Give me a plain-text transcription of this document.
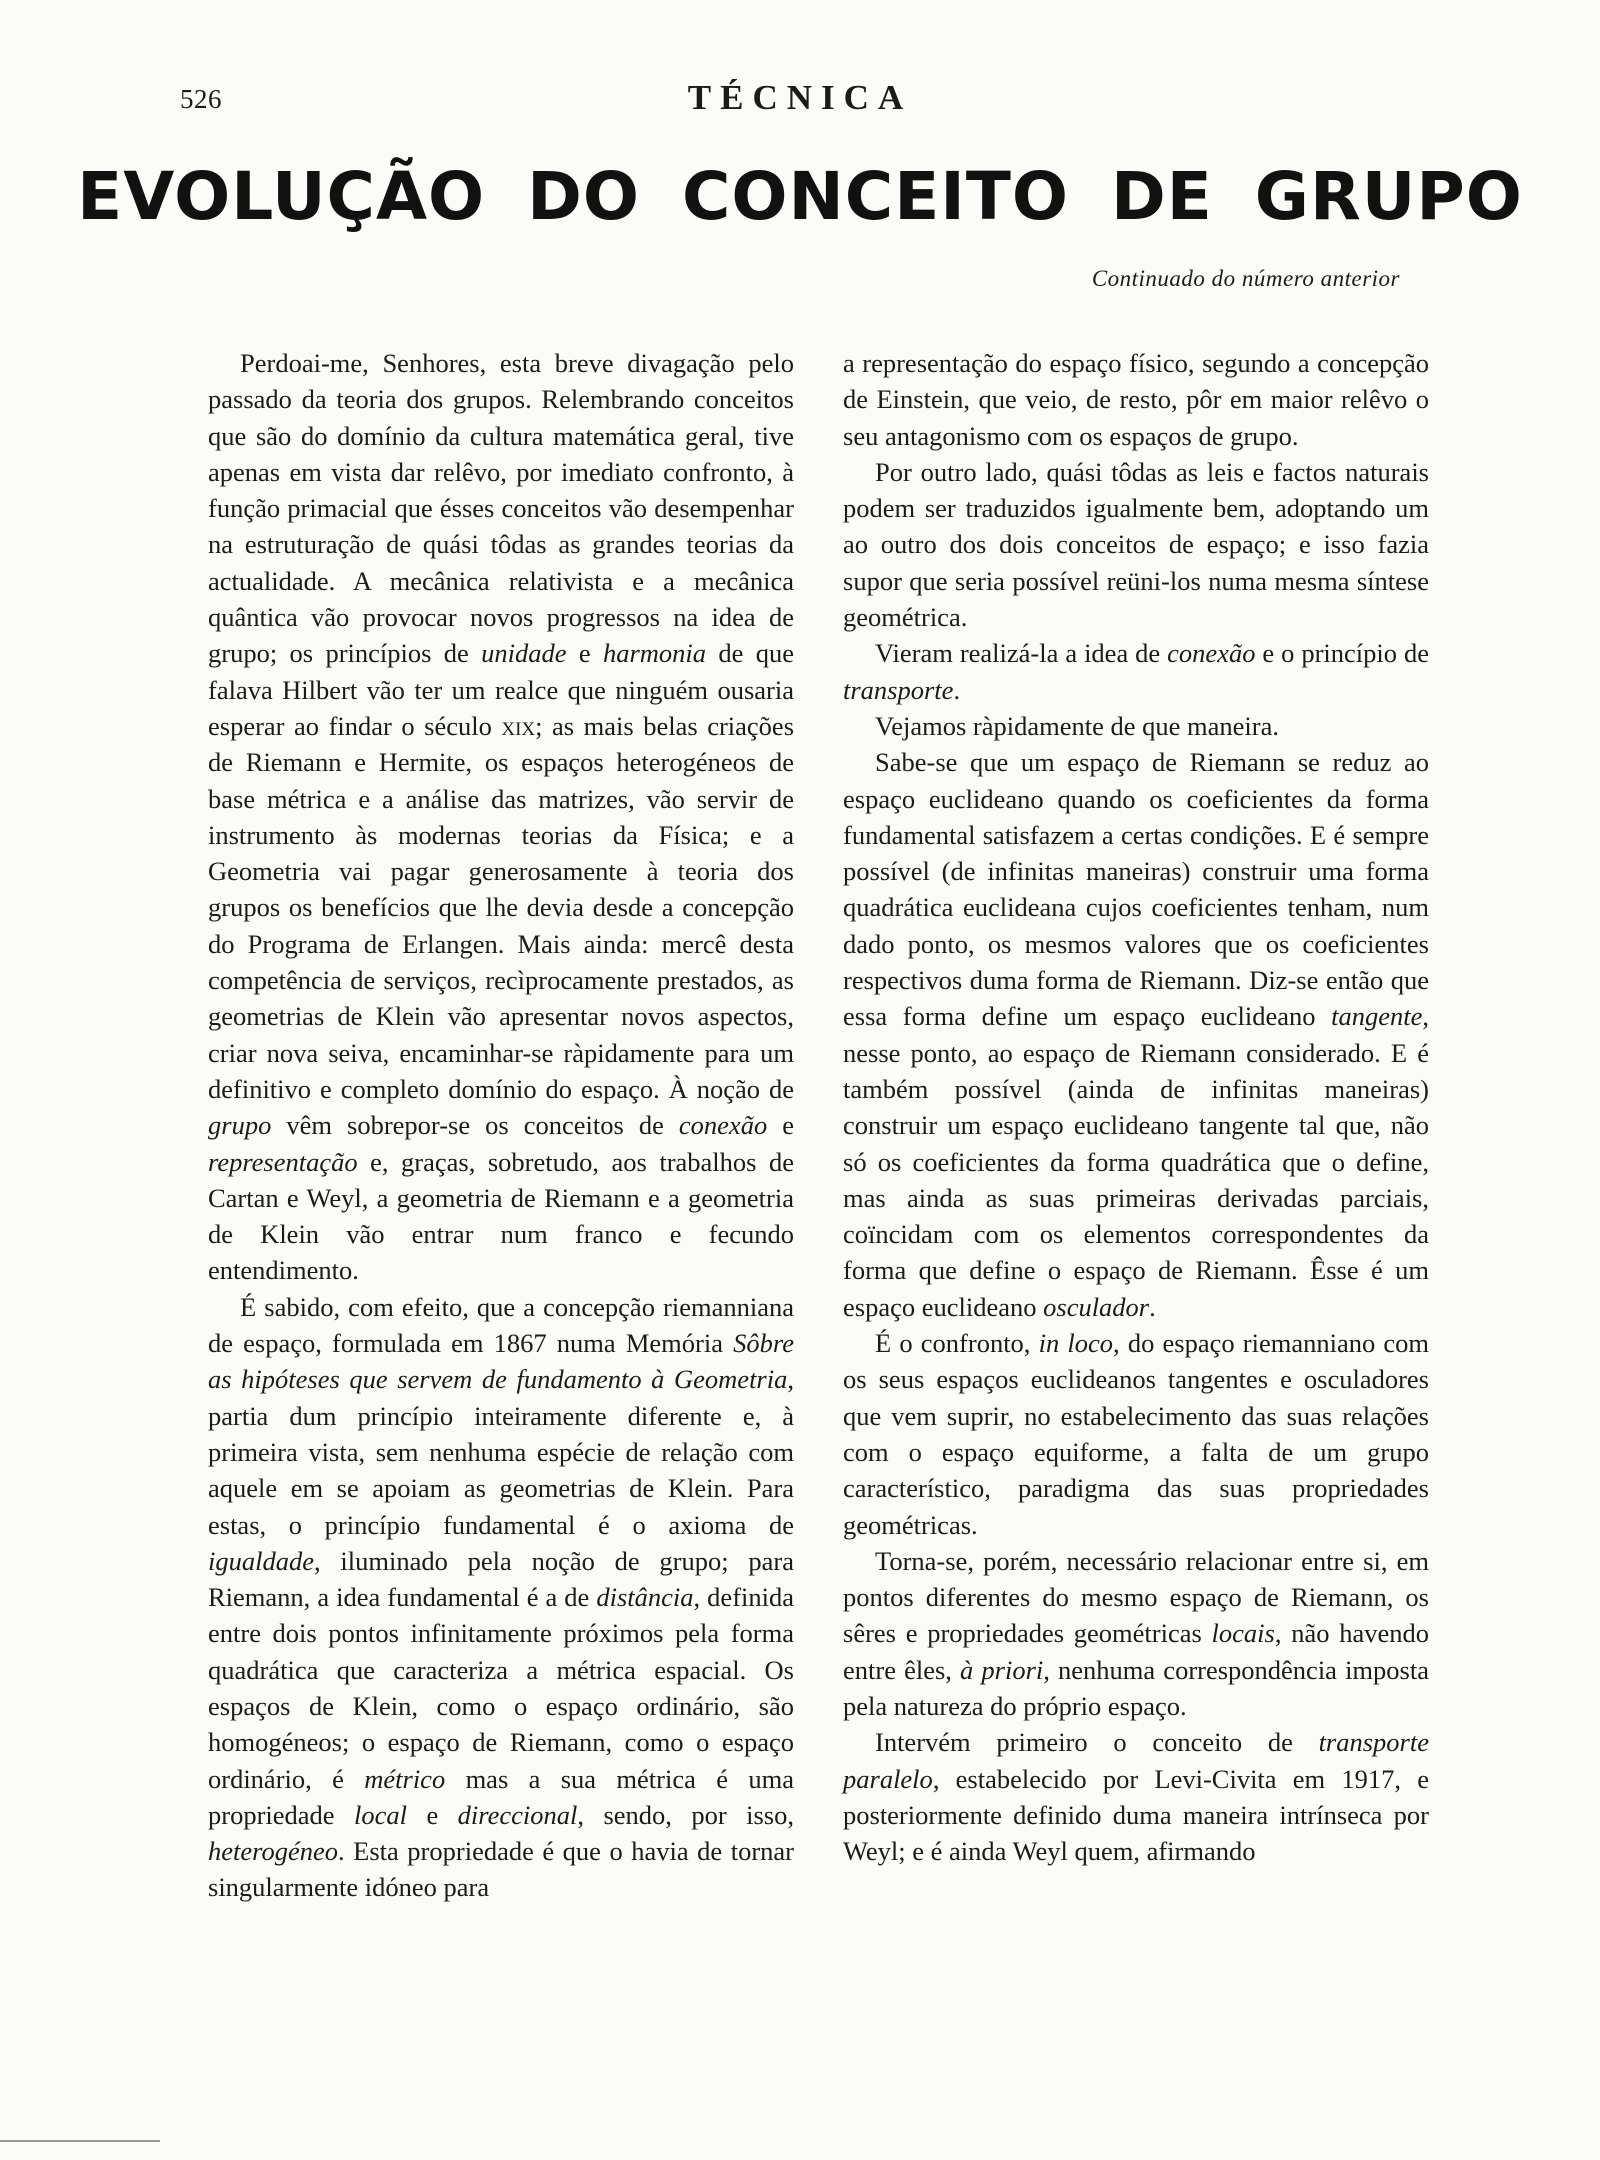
526	TÉCNICA
EVOLUÇÃO DO CONCEITO DE GRUPO
Continuado do número anterior

Perdoai-me, Senhores, esta breve divagação pelo passado da teoria dos grupos. Relembrando conceitos que são do domínio da cultura matemática geral, tive apenas em vista dar relêvo, por imediato confronto, à função primacial que ésses conceitos vão desempenhar na estruturação de quási tôdas as grandes teorias da actualidade. A mecânica relativista e a mecânica quântica vão provocar novos progressos na idea de grupo; os princípios de unidade e harmonia de que falava Hilbert vão ter um realce que ninguém ousaria esperar ao findar o século xix; as mais belas criações de Riemann e Hermite, os espaços heterogéneos de base métrica e a análise das matrizes, vão servir de instrumento às modernas teorias da Física; e a Geometria vai pagar generosamente à teoria dos grupos os benefícios que lhe devia desde a concepção do Programa de Erlangen. Mais ainda: mercê desta competência de serviços, recìprocamente prestados, as geometrias de Klein vão apresentar novos aspectos, criar nova seiva, encaminhar-se ràpidamente para um definitivo e completo domínio do espaço. À noção de grupo vêm sobrepor-se os conceitos de conexão e representação e, graças, sobretudo, aos trabalhos de Cartan e Weyl, a geometria de Riemann e a geometria de Klein vão entrar num franco e fecundo entendimento.

É sabido, com efeito, que a concepção riemanniana de espaço, formulada em 1867 numa Memória Sôbre as hipóteses que servem de fundamento à Geometria, partia dum princípio inteiramente diferente e, à primeira vista, sem nenhuma espécie de relação com aquele em se apoiam as geometrias de Klein. Para estas, o princípio fundamental é o axioma de igualdade, iluminado pela noção de grupo; para Riemann, a idea fundamental é a de distância, definida entre dois pontos infinitamente próximos pela forma quadrática que caracteriza a métrica espacial. Os espaços de Klein, como o espaço ordinário, são homogéneos; o espaço de Riemann, como o espaço ordinário, é métrico mas a sua métrica é uma propriedade local e direccional, sendo, por isso, heterogéneo. Esta propriedade é que o havia de tornar singularmente idóneo para

a representação do espaço físico, segundo a concepção de Einstein, que veio, de resto, pôr em maior relêvo o seu antagonismo com os espaços de grupo.

Por outro lado, quási tôdas as leis e factos naturais podem ser traduzidos igualmente bem, adoptando um ao outro dos dois conceitos de espaço; e isso fazia supor que seria possível reüni-los numa mesma síntese geométrica.

Vieram realizá-la a idea de conexão e o princípio de transporte.

Vejamos ràpidamente de que maneira.

Sabe-se que um espaço de Riemann se reduz ao espaço euclideano quando os coeficientes da forma fundamental satisfazem a certas condições. E é sempre possível (de infinitas maneiras) construir uma forma quadrática euclideana cujos coeficientes tenham, num dado ponto, os mesmos valores que os coeficientes respectivos duma forma de Riemann. Diz-se então que essa forma define um espaço euclideano tangente, nesse ponto, ao espaço de Riemann considerado. E é também possível (ainda de infinitas maneiras) construir um espaço euclideano tangente tal que, não só os coeficientes da forma quadrática que o define, mas ainda as suas primeiras derivadas parciais, coïncidam com os elementos correspondentes da forma que define o espaço de Riemann. Êsse é um espaço euclideano osculador.

É o confronto, in loco, do espaço riemanniano com os seus espaços euclideanos tangentes e osculadores que vem suprir, no estabelecimento das suas relações com o espaço equiforme, a falta de um grupo característico, paradigma das suas propriedades geométricas.

Torna-se, porém, necessário relacionar entre si, em pontos diferentes do mesmo espaço de Riemann, os sêres e propriedades geométricas locais, não havendo entre êles, à priori, nenhuma correspondência imposta pela natureza do próprio espaço.

Intervém primeiro o conceito de transporte paralelo, estabelecido por Levi-Civita em 1917, e posteriormente definido duma maneira intrínseca por Weyl; e é ainda Weyl quem, afirmando
